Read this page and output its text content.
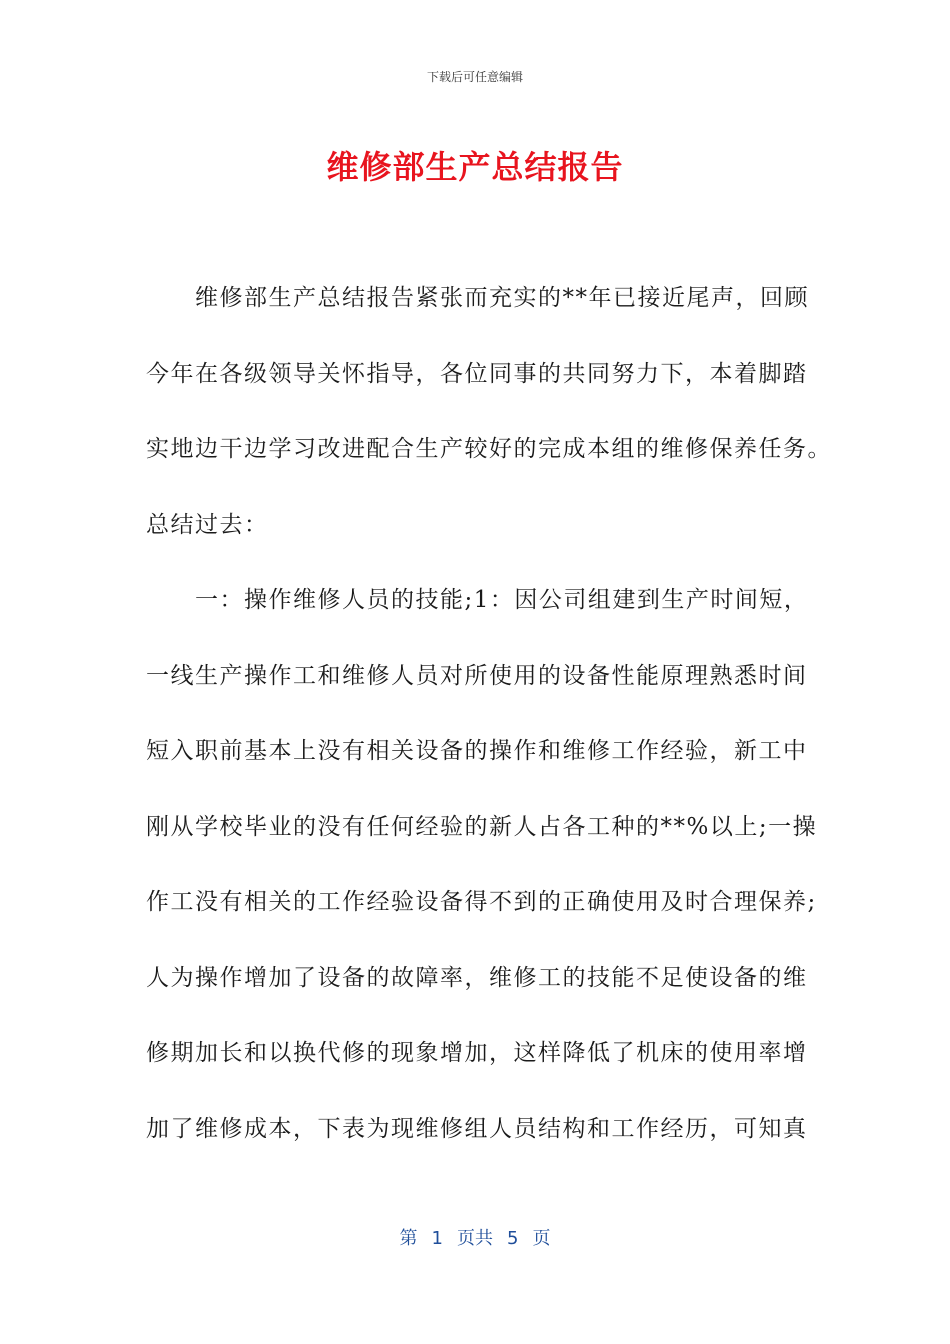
下载后可任意编辑
维修部生产总结报告
　　维修部生产总结报告紧张而充实的**年已接近尾声，回顾
今年在各级领导关怀指导，各位同事的共同努力下，本着脚踏
实地边干边学习改进配合生产较好的完成本组的维修保养任务。
总结过去：
　　一：操作维修人员的技能;1：因公司组建到生产时间短，
一线生产操作工和维修人员对所使用的设备性能原理熟悉时间
短入职前基本上没有相关设备的操作和维修工作经验，新工中
刚从学校毕业的没有任何经验的新人占各工种的**%以上;一操
作工没有相关的工作经验设备得不到的正确使用及时合理保养;
人为操作增加了设备的故障率，维修工的技能不足使设备的维
修期加长和以换代修的现象增加，这样降低了机床的使用率增
加了维修成本，下表为现维修组人员结构和工作经历，可知真
第 1 页共 5 页
